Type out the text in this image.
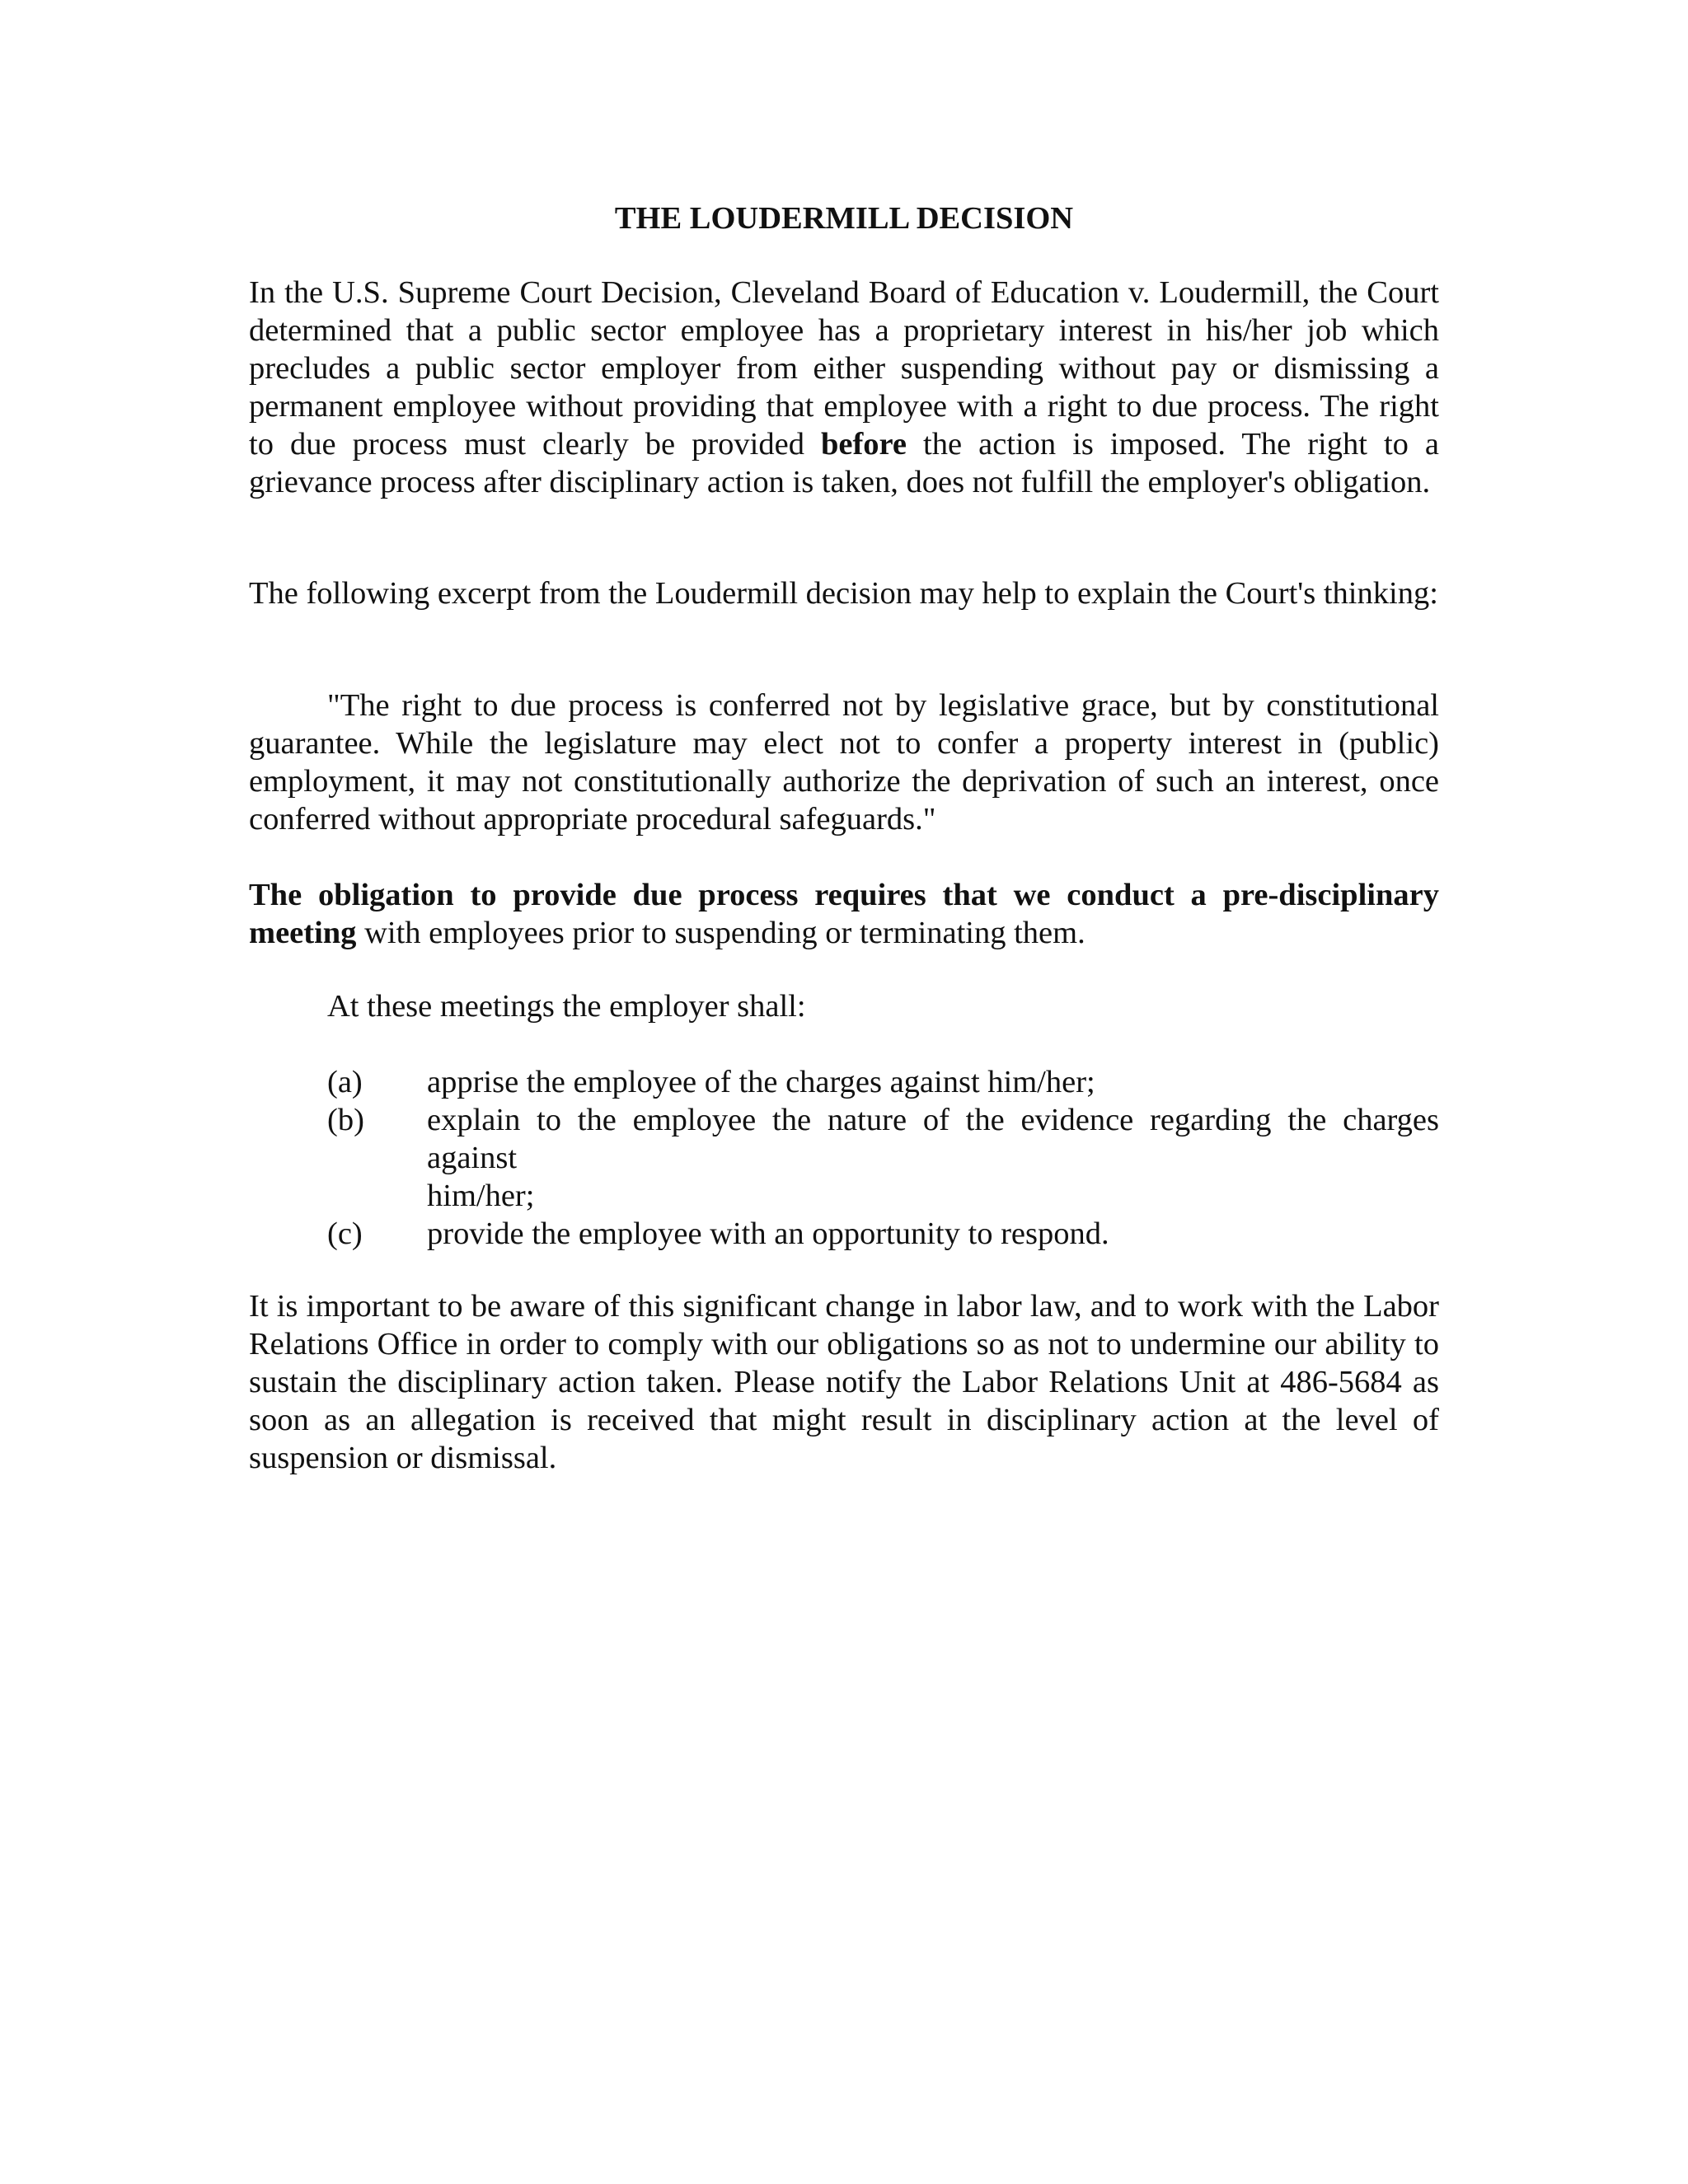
THE LOUDERMILL DECISION

In the U.S. Supreme Court Decision, Cleveland Board of Education v. Loudermill, the Court determined that a public sector employee has a proprietary interest in his/her job which precludes a public sector employer from either suspending without pay or dismissing a permanent employee without providing that employee with a right to due process. The right to due process must clearly be provided before the action is imposed. The right to a grievance process after disciplinary action is taken, does not fulfill the employer's obligation.

The following excerpt from the Loudermill decision may help to explain the Court's thinking:

"The right to due process is conferred not by legislative grace, but by constitutional guarantee. While the legislature may elect not to confer a property interest in (public) employment, it may not constitutionally authorize the deprivation of such an interest, once conferred without appropriate procedural safeguards."

The obligation to provide due process requires that we conduct a pre-disciplinary meeting with employees prior to suspending or terminating them.

At these meetings the employer shall:

(a)	apprise the employee of the charges against him/her;
(b)	explain to the employee the nature of the evidence regarding the charges against
him/her;
(c)	provide the employee with an opportunity to respond.

It is important to be aware of this significant change in labor law, and to work with the Labor Relations Office in order to comply with our obligations so as not to undermine our ability to sustain the disciplinary action taken. Please notify the Labor Relations Unit at 486-5684 as soon as an allegation is received that might result in disciplinary action at the level of suspension or dismissal.
